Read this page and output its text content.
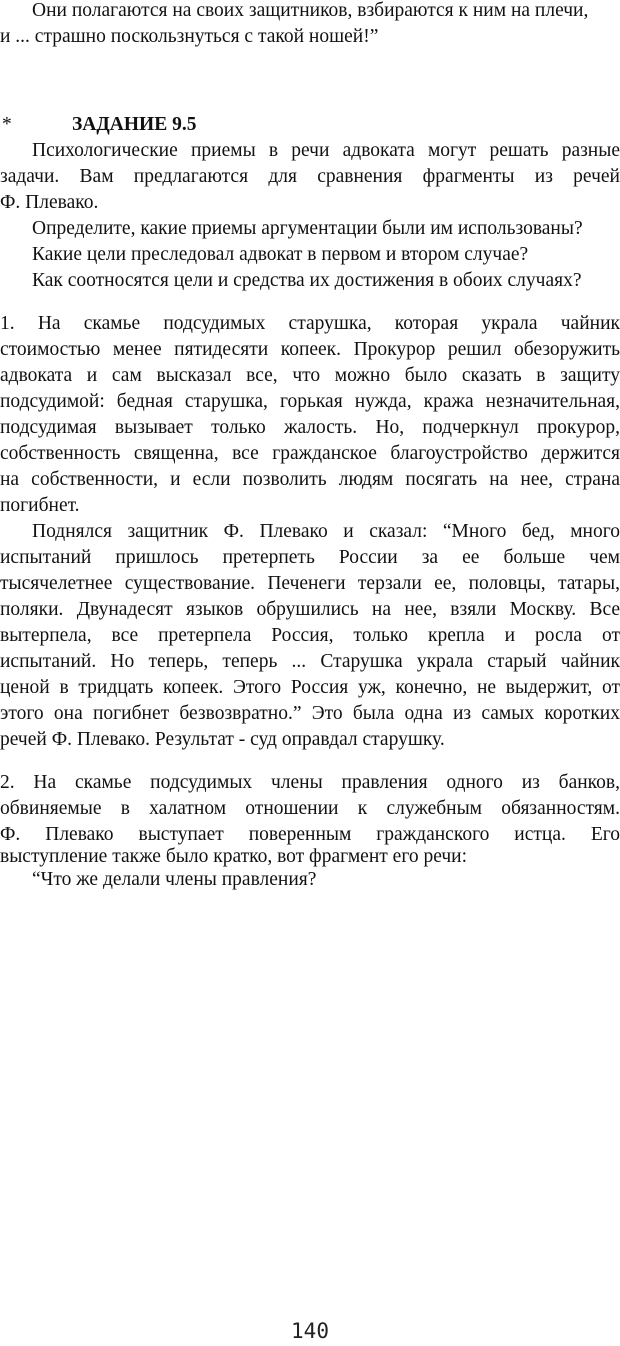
Они полагаются на своих защитников, взбираются к ним на плечи,
и ... страшно поскользнуться с такой ношей!”
*	ЗАДАНИЕ 9.5
Психологические приемы в речи адвоката могут решать разные
задачи. Вам предлагаются для сравнения фрагменты из речей
Ф. Плевако.
Определите, какие приемы аргументации были им использованы?
Какие цели преследовал адвокат в первом и втором случае?
Как соотносятся цели и средства их достижения в обоих случаях?
1. На скамье подсудимых старушка, которая украла чайник
стоимостью менее пятидесяти копеек. Прокурор решил обезоружить
адвоката и сам высказал все, что можно было сказать в защиту
подсудимой: бедная старушка, горькая нужда, кража незначительная,
подсудимая вызывает только жалость. Но, подчеркнул прокурор,
собственность священна, все гражданское благоустройство держится
на собственности, и если позволить людям посягать на нее, страна
погибнет.
Поднялся защитник Ф. Плевако и сказал: “Много бед, много
испытаний пришлось претерпеть России за ее больше чем
тысячелетнее существование. Печенеги терзали ее, половцы, татары,
поляки. Двунадесят языков обрушились на нее, взяли Москву. Все
вытерпела, все претерпела Россия, только крепла и росла от
испытаний. Но теперь, теперь ... Старушка украла старый чайник
ценой в тридцать копеек. Этого Россия уж, конечно, не выдержит, от
этого она погибнет безвозвратно.” Это была одна из самых коротких
речей Ф. Плевако. Результат - суд оправдал старушку.
2. На скамье подсудимых члены правления одного из банков,
обвиняемые в халатном отношении к служебным обязанностям.
Ф. Плевако выступает поверенным гражданского истца. Его
выступление также было кратко, вот фрагмент его речи:
“Что же делали члены правления?
140
